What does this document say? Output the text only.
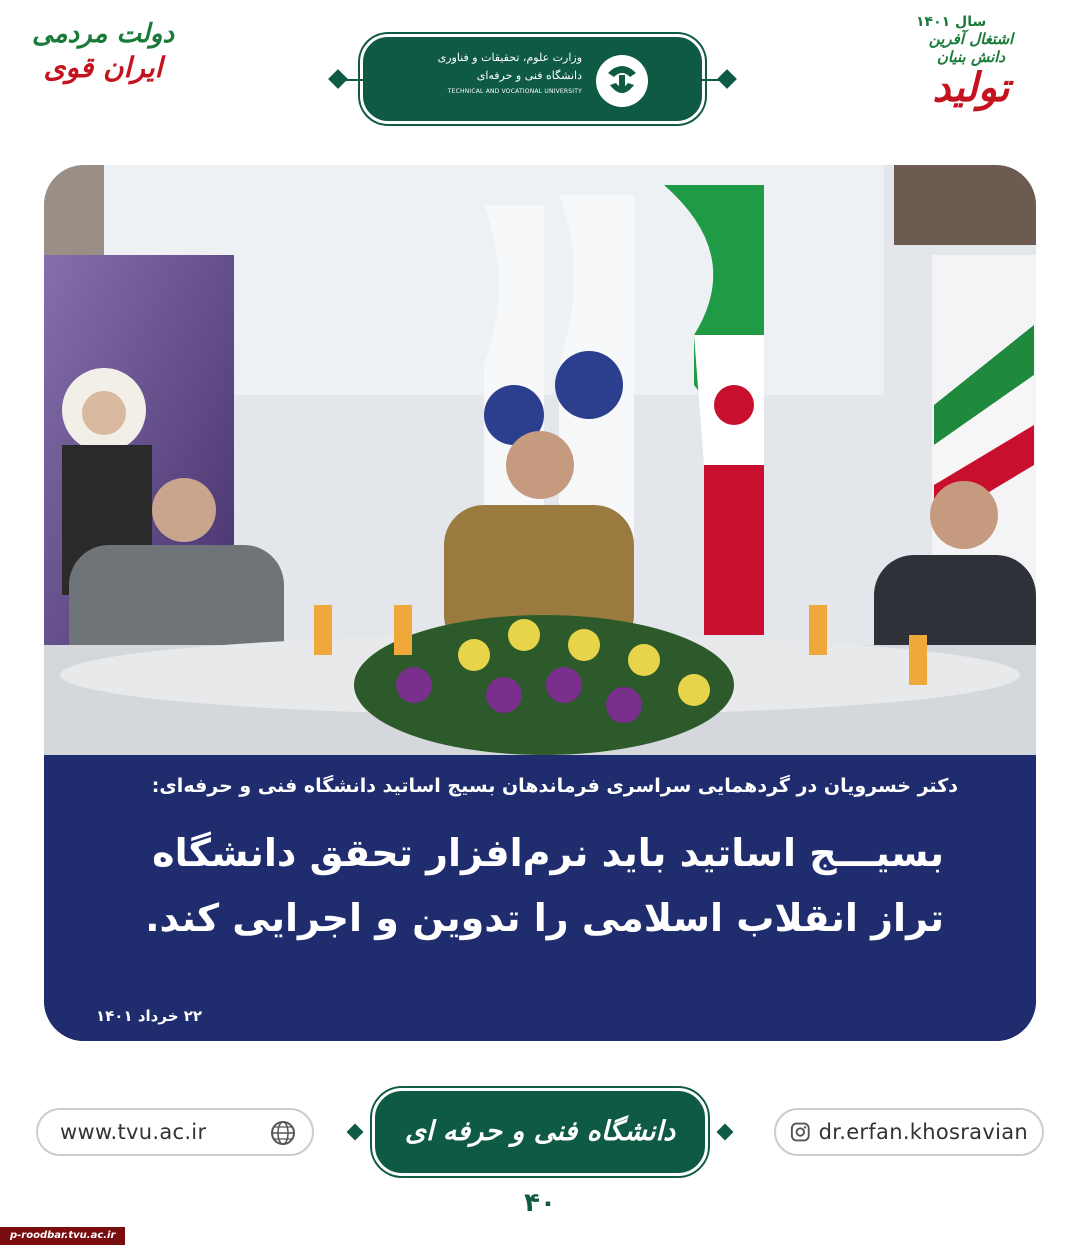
دولت مردمی
ایران قوی	وزارت علوم، تحقیقات و فناوری
دانشگاه فنی و حرفه‌ای
TECHNICAL AND VOCATIONAL UNIVERSITY
سال ۱۴۰۱
اشتغال آفرین
دانش بنیان
تولید
دکتر خسرویان در گردهمایی سراسری فرماندهان بسیج اساتید دانشگاه فنی و حرفه‌ای:
بسیـــج اساتید باید نرم‌افزار تحقق دانشگاه
تراز انقلاب اسلامی را تدوین و اجرایی کند.
۲۲ خرداد ۱۴۰۱
www.tvu.ac.ir	دانشگاه فنی و حرفه ای	dr.erfan.khosravian
۴۰
p-roodbar.tvu.ac.ir
